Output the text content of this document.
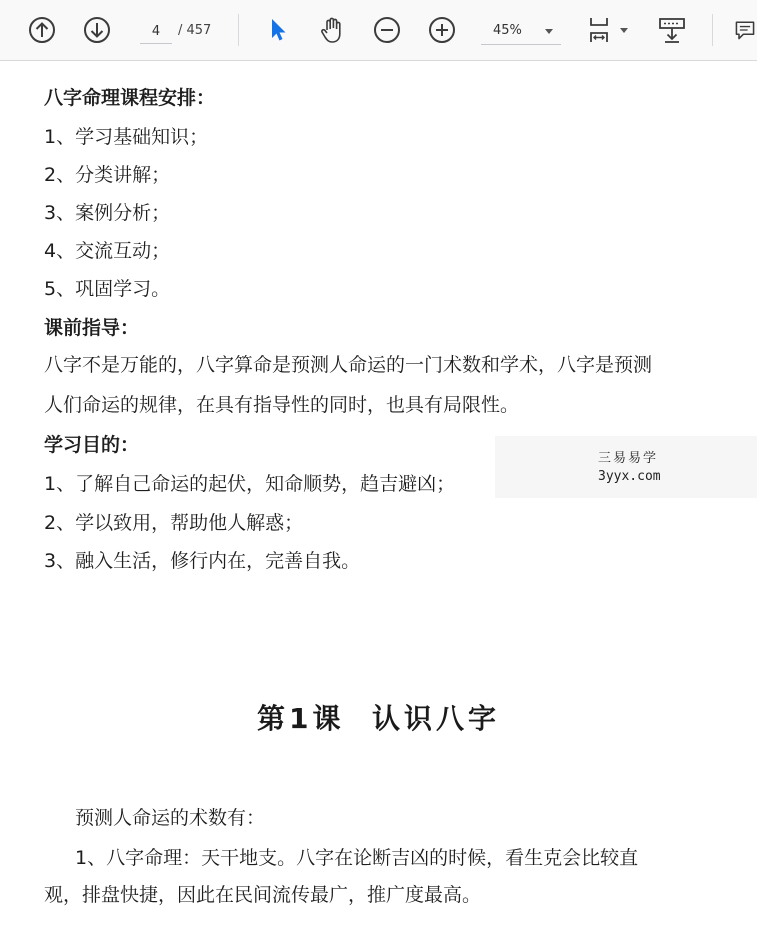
4
/ 457	45%
八字命理课程安排：
1、学习基础知识；
2、分类讲解；
3、案例分析；
4、交流互动；
5、巩固学习。
课前指导：
八字不是万能的，八字算命是预测人命运的一门术数和学术，八字是预测
人们命运的规律，在具有指导性的同时，也具有局限性。
学习目的：
1、了解自己命运的起伏，知命顺势，趋吉避凶；
2、学以致用，帮助他人解惑；
3、融入生活，修行内在，完善自我。
第1课  认识八字
预测人命运的术数有：
1、八字命理：天干地支。八字在论断吉凶的时候，看生克会比较直
观，排盘快捷，因此在民间流传最广，推广度最高。
三易易学
3yyx.com
